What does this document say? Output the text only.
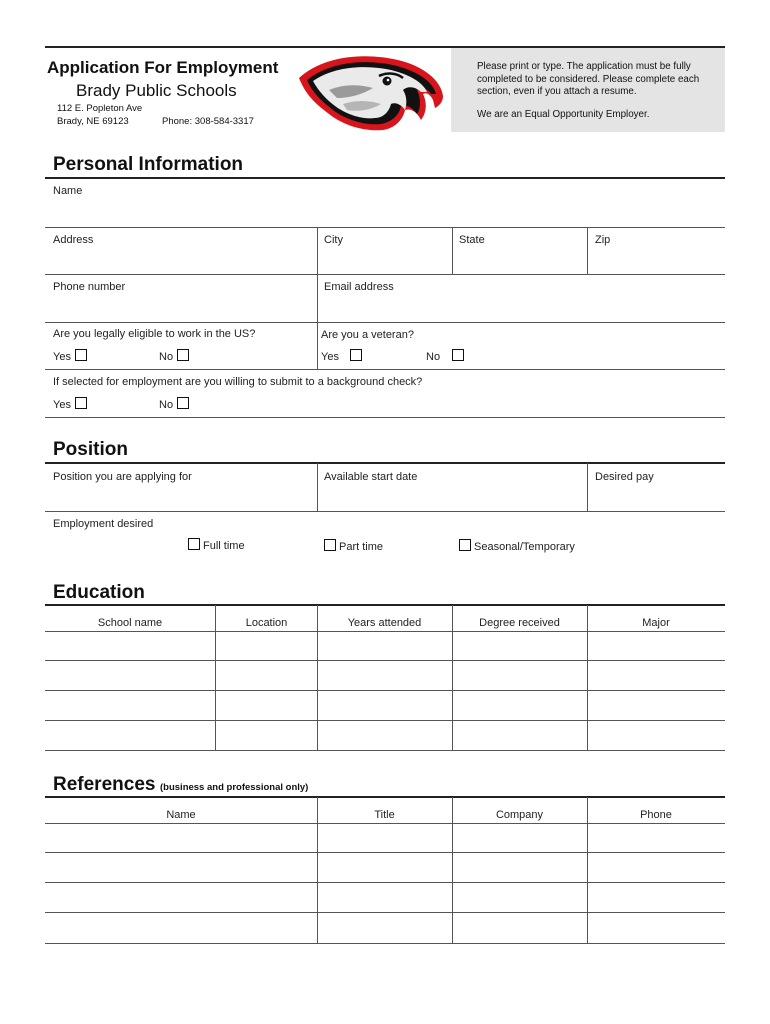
Application For Employment
Brady Public Schools
112 E. Popleton Ave
Brady, NE 69123	Phone: 308-584-3317
Please print or type. The application must be fully completed to be considered. Please complete each section, even if you attach a resume.
We are an Equal Opportunity Employer.
Personal Information
Name
Address	City	State	Zip
Phone number	Email address
Are you legally eligible to work in the US?
Yes	No
Are you a veteran?
Yes	No
If selected for employment are you willing to submit to a background check?
Yes	No
Position
Position you are applying for	Available start date	Desired pay
Employment desired
Full time	Part time	Seasonal/Temporary
Education
School name	Location	Years attended	Degree received	Major
References (business and professional only)
Name	Title	Company	Phone
